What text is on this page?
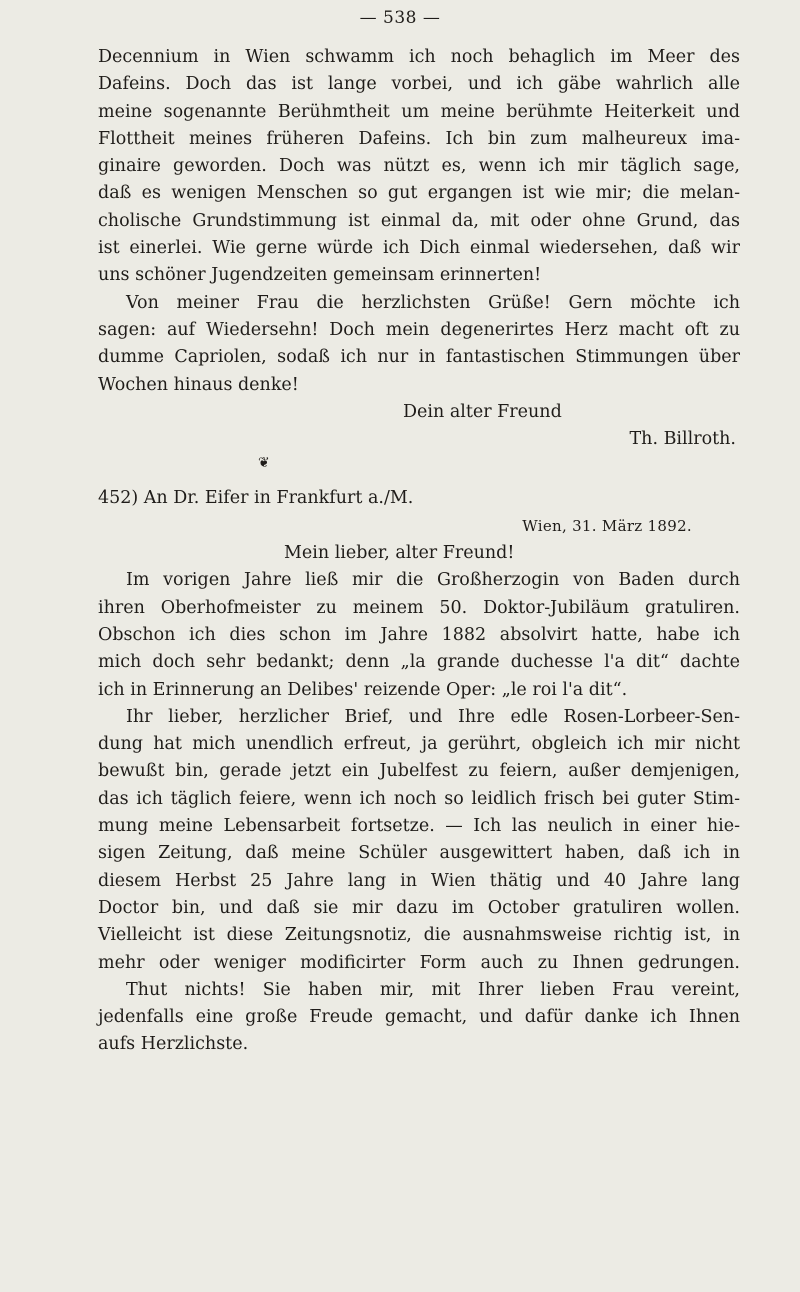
— 538 —
Decennium in Wien schwamm ich noch behaglich im Meer des
Dafeins. Doch das ist lange vorbei, und ich gäbe wahrlich alle
meine sogenannte Berühmtheit um meine berühmte Heiterkeit und
Flottheit meines früheren Dafeins. Ich bin zum malheureux ima-
ginaire geworden. Doch was nützt es, wenn ich mir täglich sage,
daß es wenigen Menschen so gut ergangen ist wie mir; die melan-
cholische Grundstimmung ist einmal da, mit oder ohne Grund, das
ist einerlei. Wie gerne würde ich Dich einmal wiedersehen, daß wir
uns schöner Jugendzeiten gemeinsam erinnerten!
Von meiner Frau die herzlichsten Grüße! Gern möchte ich
sagen: auf Wiedersehn! Doch mein degenerirtes Herz macht oft zu
dumme Capriolen, sodaß ich nur in fantastischen Stimmungen über
Wochen hinaus denke!
Dein alter Freund
Th. Billroth.
❦
452) An Dr. Eifer in Frankfurt a./M.
Wien, 31. März 1892.
Mein lieber, alter Freund!
Im vorigen Jahre ließ mir die Großherzogin von Baden durch
ihren Oberhofmeister zu meinem 50. Doktor-Jubiläum gratuliren.
Obschon ich dies schon im Jahre 1882 absolvirt hatte, habe ich
mich doch sehr bedankt; denn „la grande duchesse l'a dit“ dachte
ich in Erinnerung an Delibes' reizende Oper: „le roi l'a dit“.
Ihr lieber, herzlicher Brief, und Ihre edle Rosen-Lorbeer-Sen-
dung hat mich unendlich erfreut, ja gerührt, obgleich ich mir nicht
bewußt bin, gerade jetzt ein Jubelfest zu feiern, außer demjenigen,
das ich täglich feiere, wenn ich noch so leidlich frisch bei guter Stim-
mung meine Lebensarbeit fortsetze. — Ich las neulich in einer hie-
sigen Zeitung, daß meine Schüler ausgewittert haben, daß ich in
diesem Herbst 25 Jahre lang in Wien thätig und 40 Jahre lang
Doctor bin, und daß sie mir dazu im October gratuliren wollen.
Vielleicht ist diese Zeitungsnotiz, die ausnahmsweise richtig ist, in
mehr oder weniger modificirter Form auch zu Ihnen gedrungen.
Thut nichts! Sie haben mir, mit Ihrer lieben Frau vereint,
jedenfalls eine große Freude gemacht, und dafür danke ich Ihnen
aufs Herzlichste.
